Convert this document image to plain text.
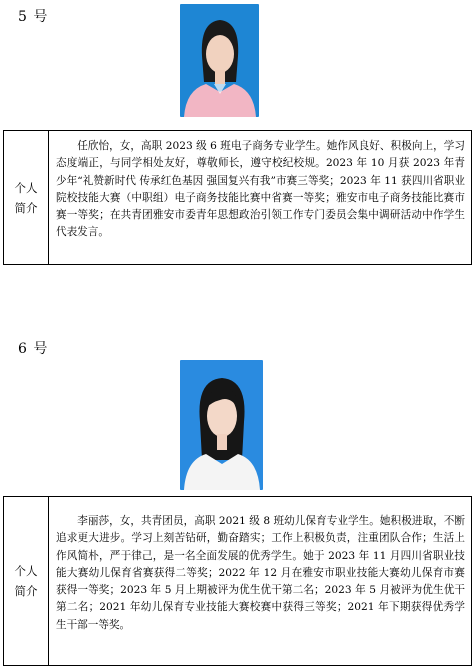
5 号
个人
简介
任欣怡，女，高职 2023 级 6 班电子商务专业学生。她作风良好、积极向上，学习态度端正，与同学相处友好，尊敬师长，遵守校纪校规。2023 年 10 月获 2023 年青少年“礼赞新时代 传承红色基因 强国复兴有我”市赛三等奖；2023 年 11 获四川省职业院校技能大赛（中职组）电子商务技能比赛中省赛一等奖；雅安市电子商务技能比赛市赛一等奖；在共青团雅安市委青年思想政治引领工作专门委员会集中调研活动中作学生代表发言。
6 号
个人
简介
李丽莎，女，共青团员，高职 2021 级 8 班幼儿保育专业学生。她积极进取，不断追求更大进步。学习上刻苦钻研，勤奋踏实；工作上积极负责，注重团队合作；生活上作风简朴，严于律己，是一名全面发展的优秀学生。她于 2023 年 11 月四川省职业技能大赛幼儿保育省赛获得二等奖；2022 年 12 月在雅安市职业技能大赛幼儿保育市赛获得一等奖；2023 年 5 月上期被评为优生优干第二名；2023 年 5 月被评为优生优干第二名；2021 年幼儿保育专业技能大赛校赛中获得三等奖；2021 年下期获得优秀学生干部一等奖。
